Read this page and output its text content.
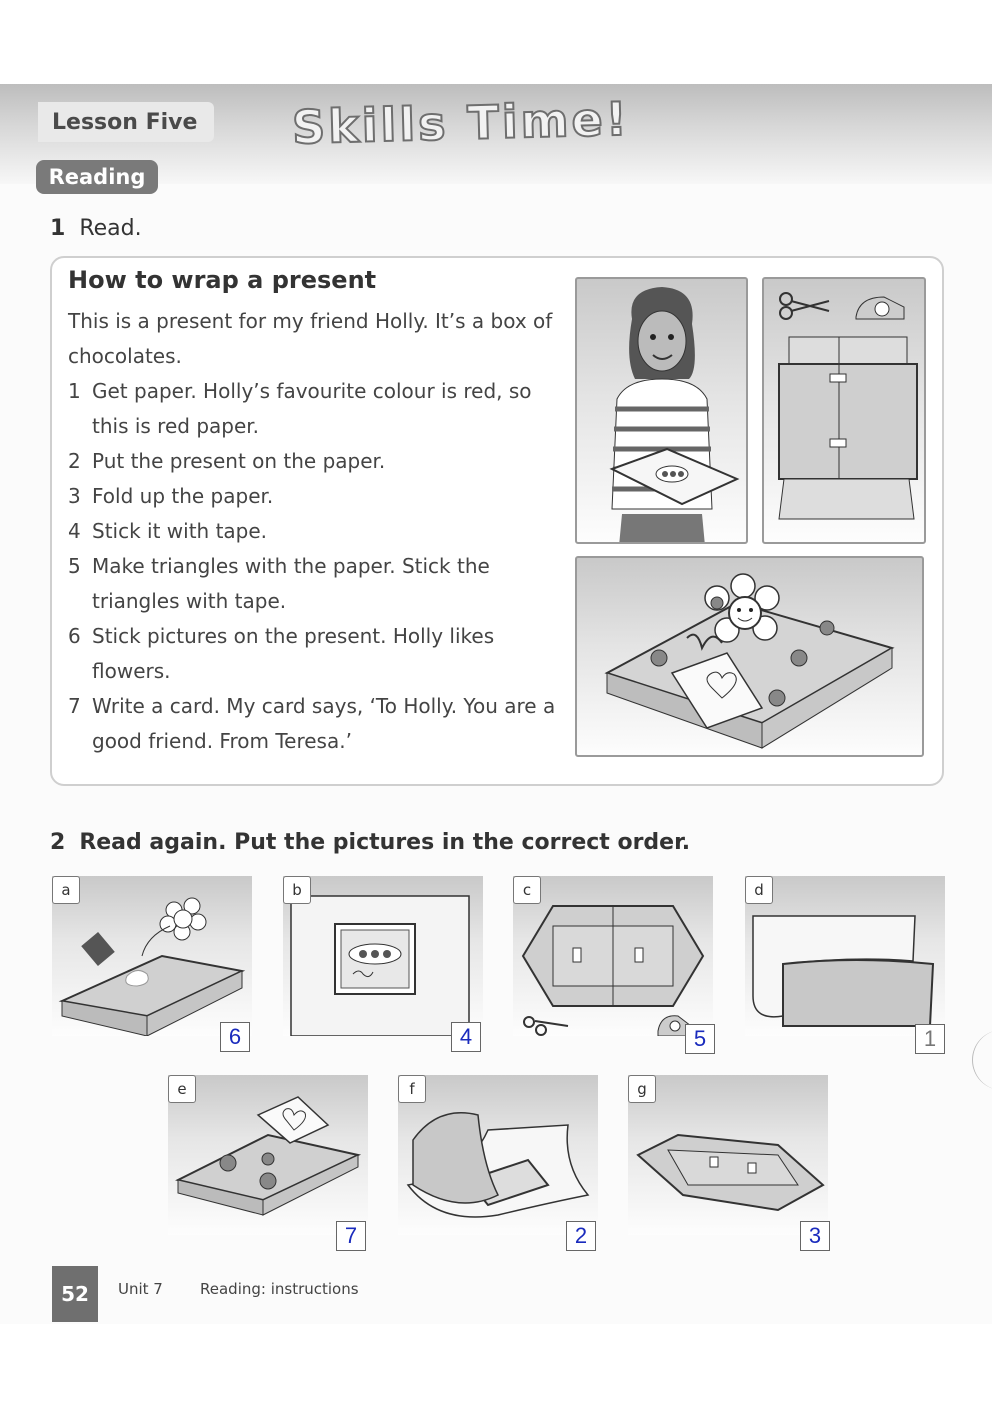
Lesson Five	Skills Time!
Reading
1 Read.
How to wrap a present
This is a present for my friend Holly. It’s a box of chocolates.
1 Get paper. Holly’s favourite colour is red, so this is red paper.
2 Put the present on the paper.
3 Fold up the paper.
4 Stick it with tape.
5 Make triangles with the paper. Stick the triangles with tape.
6 Stick pictures on the present. Holly likes flowers.
7 Write a card. My card says, ‘To Holly. You are a good friend. From Teresa.’
2 Read again. Put the pictures in the correct order.
a
6
b
4
c
5
d
1
e
7
f
2
g
3
52	Unit 7 Reading: instructions
